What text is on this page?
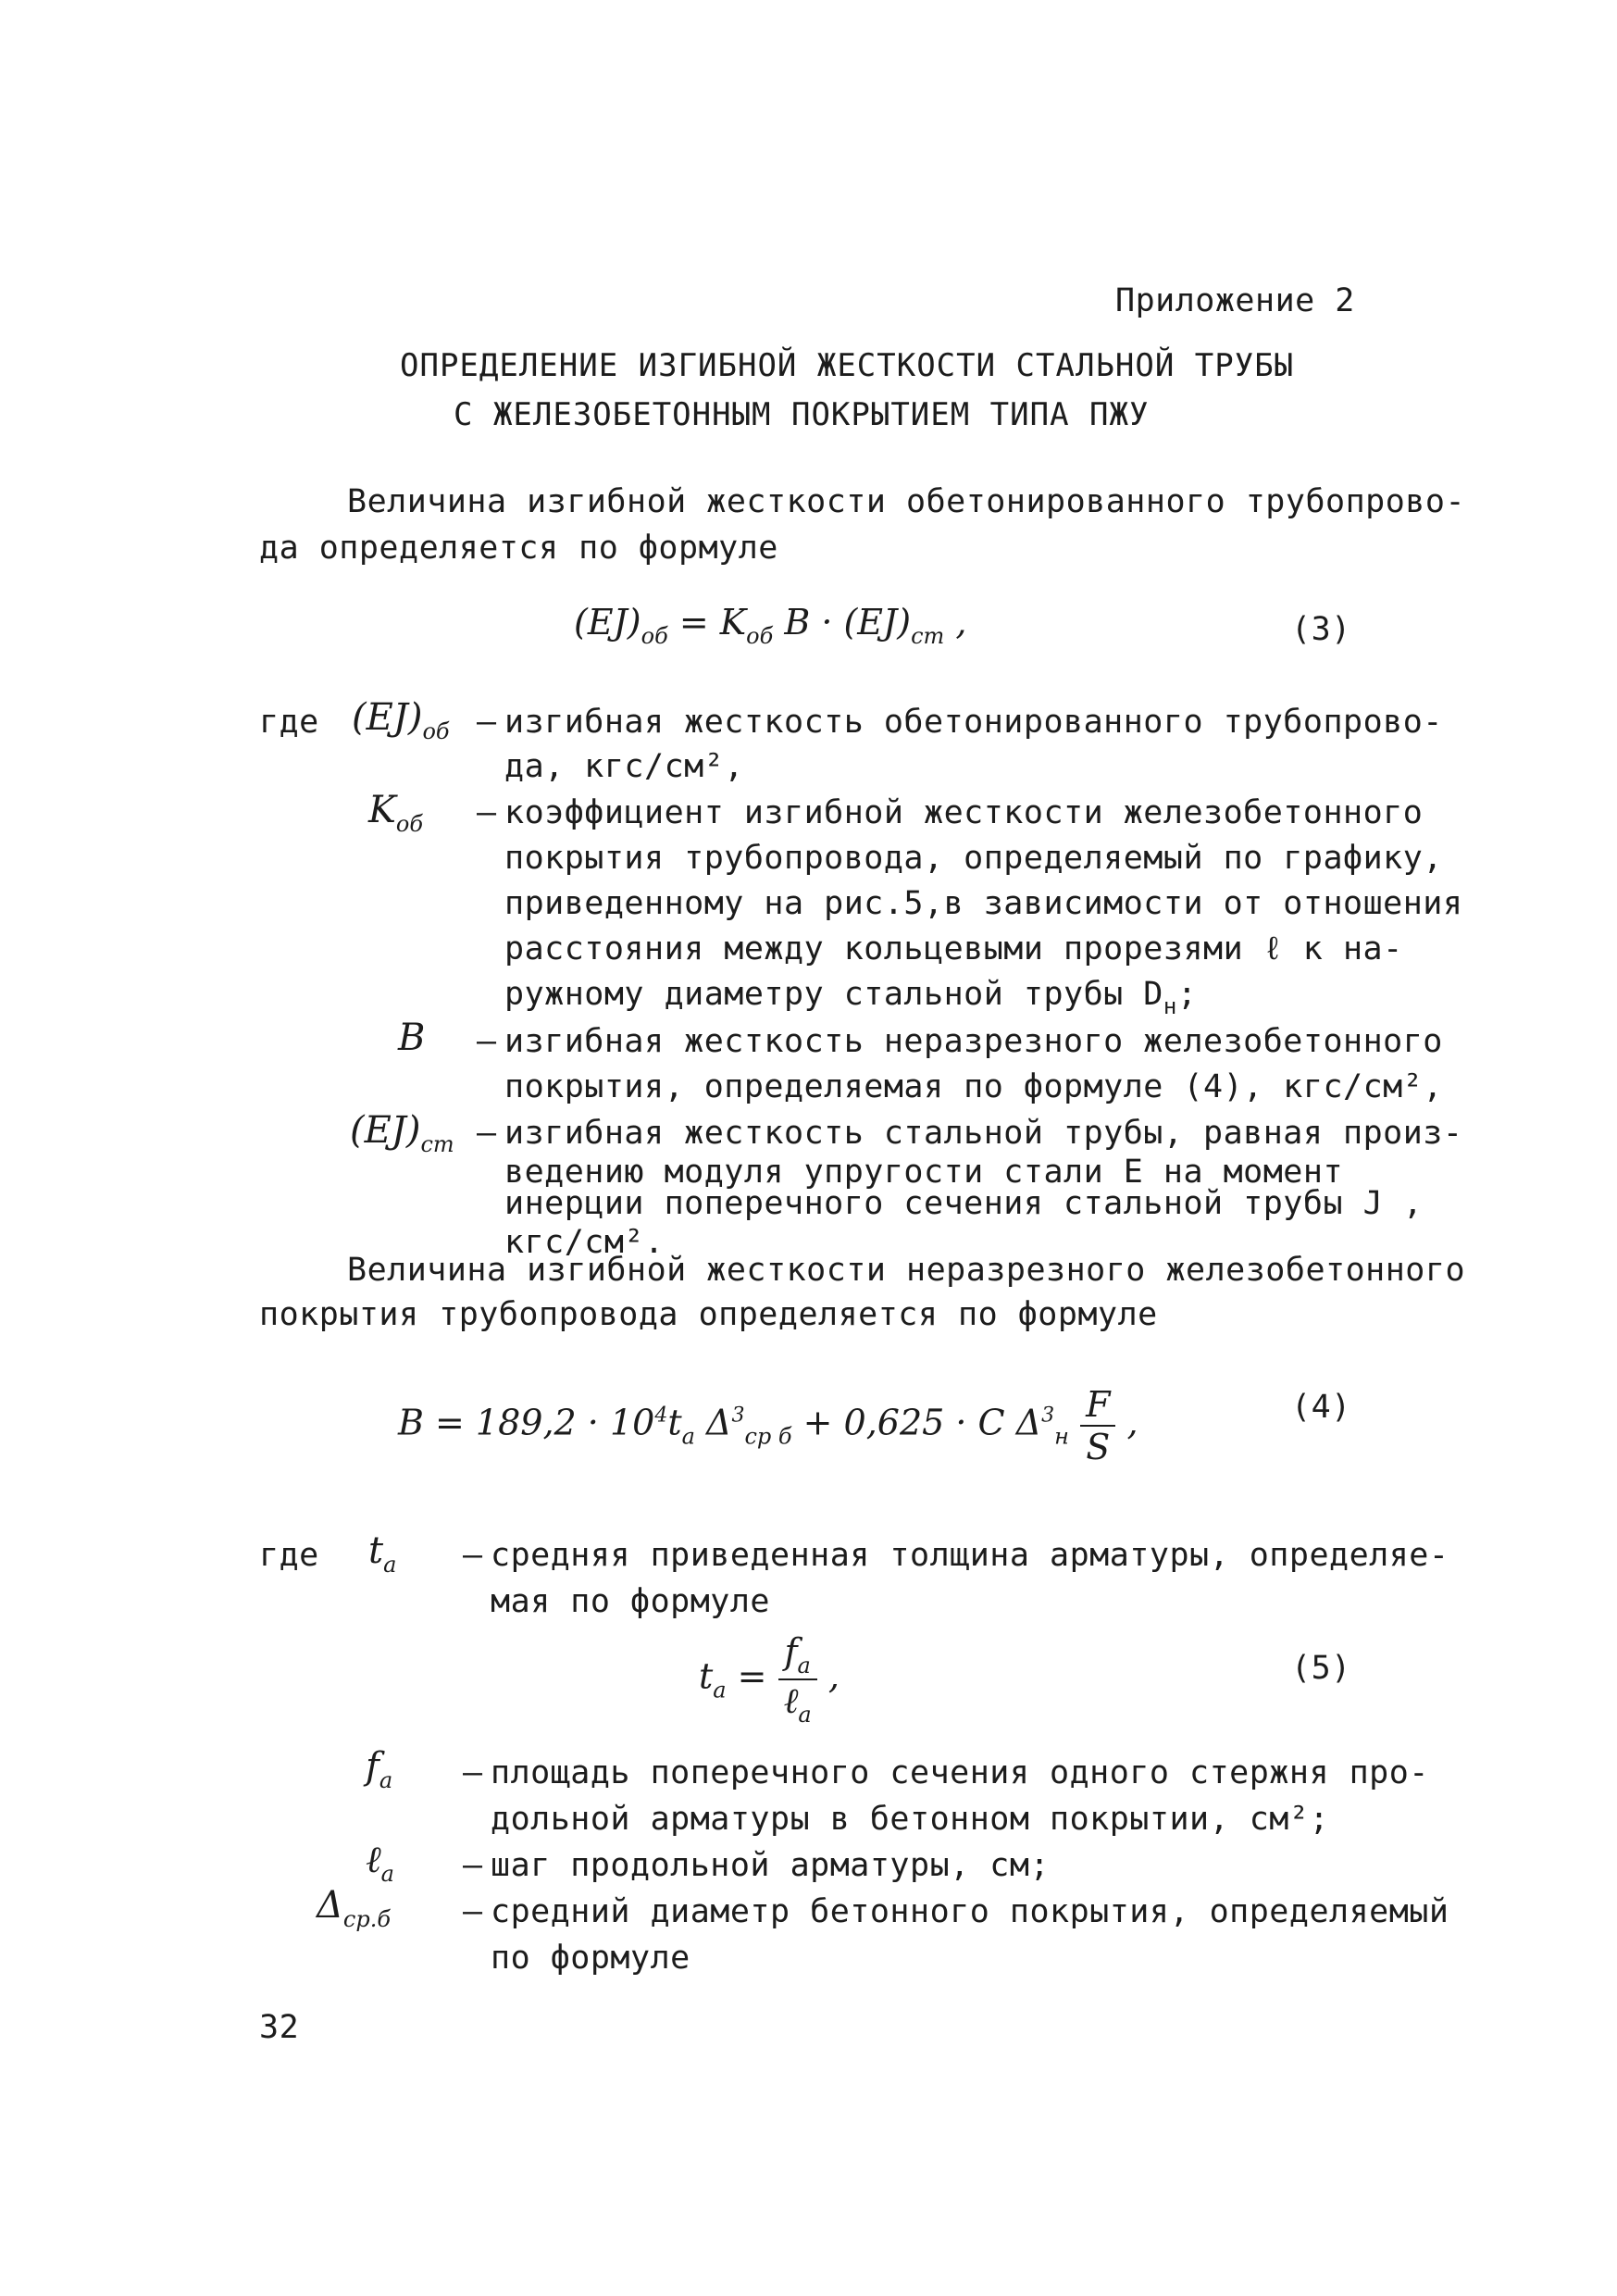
Приложение 2
ОПРЕДЕЛЕНИЕ ИЗГИБНОЙ ЖЕСТКОСТИ СТАЛЬНОЙ ТРУБЫ
С ЖЕЛЕЗОБЕТОННЫМ ПОКРЫТИЕМ ТИПА ПЖУ
Величина изгибной жесткости обетонированного трубопрово-
да определяется по формуле
$(EJ)_{об} = K_{об}$ $B \cdot (EJ)_{ст}$ ,	(3)
где $(EJ)_{об}$ – изгибная жесткость обетонированного трубопрово-
да, кгс/см²,
$K_{об}$ – коэффициент изгибной жесткости железобетонного
покрытия трубопровода, определяемый по графику,
приведенному на рис.5,в зависимости от отношения
расстояния между кольцевыми прорезями ℓ к на-
ружному диаметру стальной трубы $D_н$;
B – изгибная жесткость неразрезного железобетонного
покрытия, определяемая по формуле (4), кгс/см²,
$(EJ)_{ст}$ – изгибная жесткость стальной трубы, равная произ-
ведению модуля упругости стали E на момент
инерции поперечного сечения стальной трубы J ,
кгс/см².
Величина изгибной жесткости неразрезного железобетонного
покрытия трубопровода определяется по формуле
$B = 189,2 \cdot 10^4t_a$ $\Delta^3_{ср б} + 0,625 \cdot C$ $\Delta^3_н \frac{F}{S}$ ,	(4)
где $t_a$ – средняя приведенная толщина арматуры, определяе-
мая по формуле
$t_a = \frac{f_a}{\ell_a}$ ,	(5)
$f_a$ – площадь поперечного сечения одного стержня про-
дольной арматуры в бетонном покрытии, см²;
ℓ$_a$ – шаг продольной арматуры, см;
$\Delta_{ср.б}$ – средний диаметр бетонного покрытия, определяемый
по формуле
32
